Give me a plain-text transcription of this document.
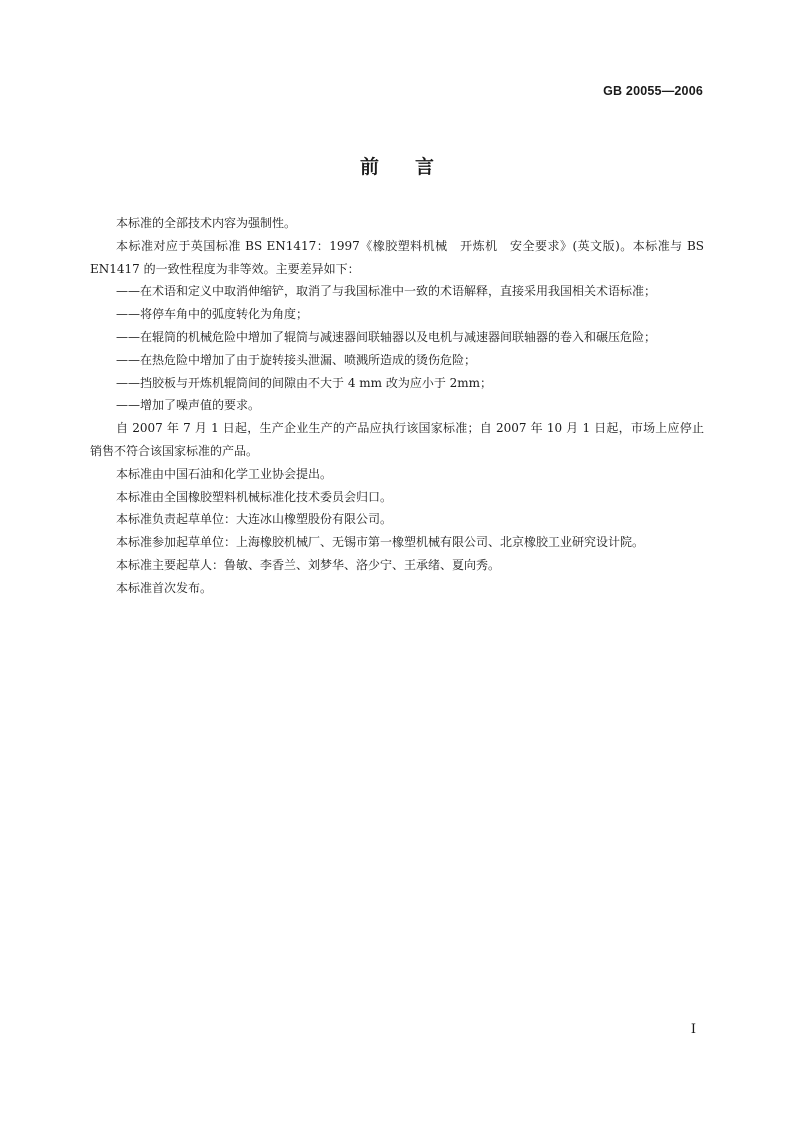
GB 20055—2006
前言

本标准的全部技术内容为强制性。

本标准对应于英国标准 BS EN1417：1997《橡胶塑料机械　开炼机　安全要求》(英文版)。本标准与 BS EN1417 的一致性程度为非等效。主要差异如下：

——在术语和定义中取消伸缩铲，取消了与我国标准中一致的术语解释，直接采用我国相关术语标准；

——将停车角中的弧度转化为角度；

——在辊筒的机械危险中增加了辊筒与减速器间联轴器以及电机与减速器间联轴器的卷入和碾压危险；

——在热危险中增加了由于旋转接头泄漏、喷溅所造成的烫伤危险；

——挡胶板与开炼机辊筒间的间隙由不大于 4 mm 改为应小于 2mm；

——增加了噪声值的要求。

自 2007 年 7 月 1 日起，生产企业生产的产品应执行该国家标准；自 2007 年 10 月 1 日起，市场上应停止销售不符合该国家标准的产品。

本标准由中国石油和化学工业协会提出。

本标准由全国橡胶塑料机械标准化技术委员会归口。

本标准负责起草单位：大连冰山橡塑股份有限公司。

本标准参加起草单位：上海橡胶机械厂、无锡市第一橡塑机械有限公司、北京橡胶工业研究设计院。

本标准主要起草人：鲁敏、李香兰、刘梦华、洛少宁、王承绪、夏向秀。

本标准首次发布。

I
